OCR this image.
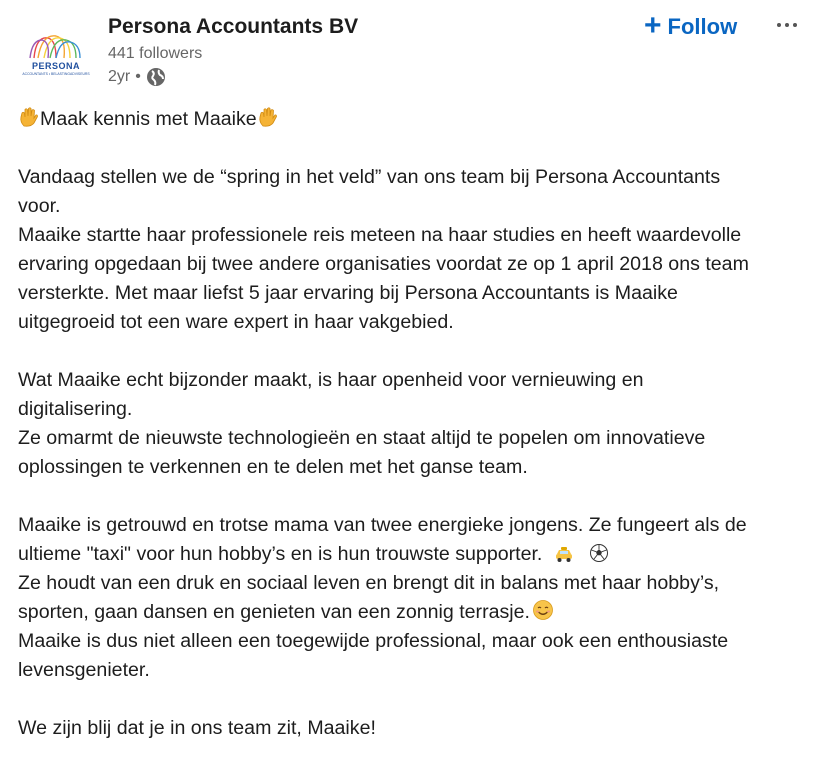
PERSONA
ACCOUNTANTS • BELASTINGADVISEURS
Persona Accountants BV
441 followers
2yr •
+ Follow
Maak kennis met Maaike
Vandaag stellen we de “spring in het veld” van ons team bij Persona Accountants
voor.
Maaike startte haar professionele reis meteen na haar studies en heeft waardevolle
ervaring opgedaan bij twee andere organisaties voordat ze op 1 april 2018 ons team
versterkte. Met maar liefst 5 jaar ervaring bij Persona Accountants is Maaike
uitgegroeid tot een ware expert in haar vakgebied.
Wat Maaike echt bijzonder maakt, is haar openheid voor vernieuwing en
digitalisering.
Ze omarmt de nieuwste technologieën en staat altijd te popelen om innovatieve
oplossingen te verkennen en te delen met het ganse team.
Maaike is getrouwd en trotse mama van twee energieke jongens. Ze fungeert als de
ultieme "taxi" voor hun hobby’s en is hun trouwste supporter.
Ze houdt van een druk en sociaal leven en brengt dit in balans met haar hobby’s,
sporten, gaan dansen en genieten van een zonnig terrasje.
Maaike is dus niet alleen een toegewijde professional, maar ook een enthousiaste
levensgenieter.
We zijn blij dat je in ons team zit, Maaike!
